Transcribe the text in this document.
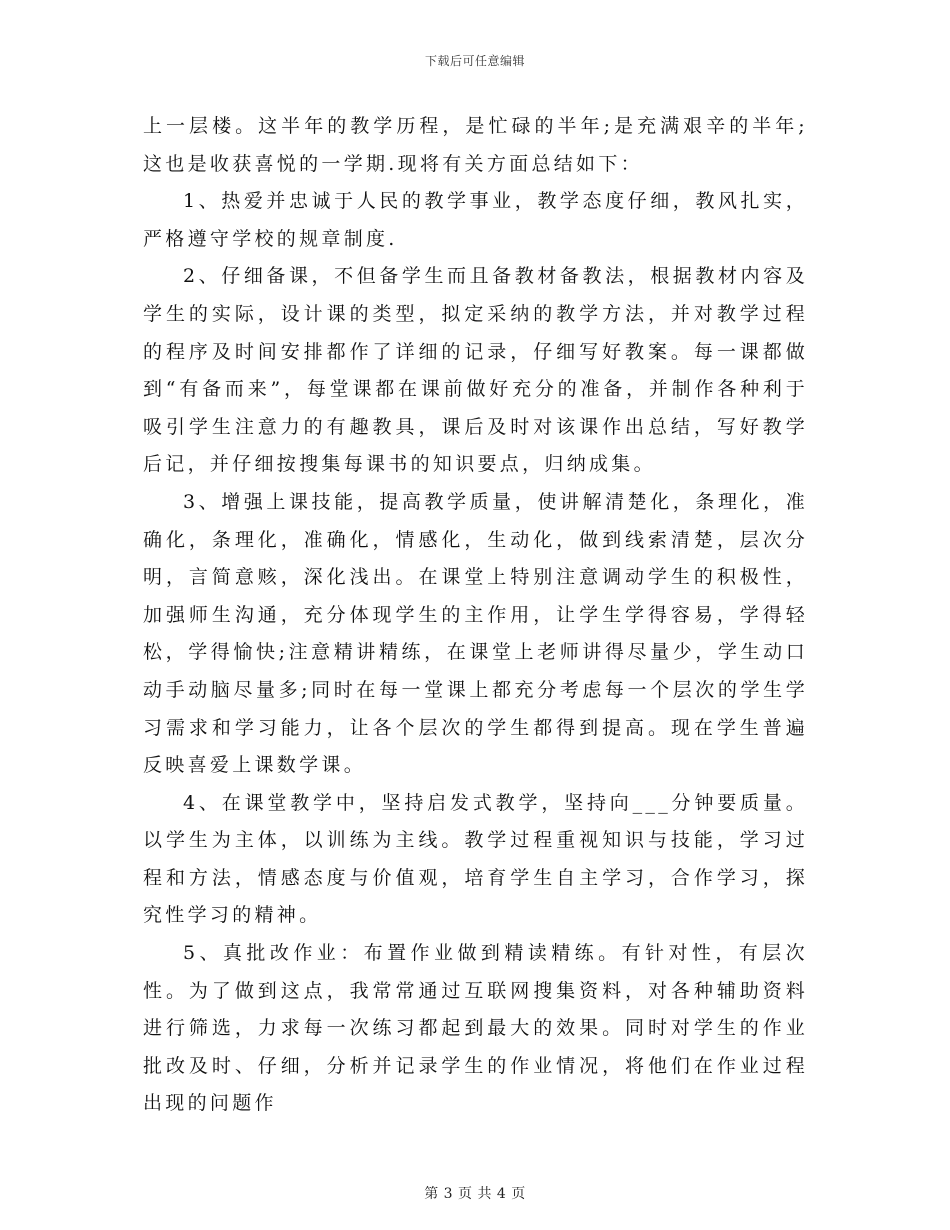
下载后可任意编辑

上一层楼。这半年的教学历程，是忙碌的半年;是充满艰辛的半年;这也是收获喜悦的一学期.现将有关方面总结如下：

1、热爱并忠诚于人民的教学事业，教学态度仔细，教风扎实，严格遵守学校的规章制度.

2、仔细备课，不但备学生而且备教材备教法，根据教材内容及学生的实际，设计课的类型，拟定采纳的教学方法，并对教学过程的程序及时间安排都作了详细的记录，仔细写好教案。每一课都做到“有备而来”，每堂课都在课前做好充分的准备，并制作各种利于吸引学生注意力的有趣教具，课后及时对该课作出总结，写好教学后记，并仔细按搜集每课书的知识要点，归纳成集。

3、增强上课技能，提高教学质量，使讲解清楚化，条理化，准确化，条理化，准确化，情感化，生动化，做到线索清楚，层次分明，言简意赅，深化浅出。在课堂上特别注意调动学生的积极性，加强师生沟通，充分体现学生的主作用，让学生学得容易，学得轻松，学得愉快;注意精讲精练，在课堂上老师讲得尽量少，学生动口动手动脑尽量多;同时在每一堂课上都充分考虑每一个层次的学生学习需求和学习能力，让各个层次的学生都得到提高。现在学生普遍反映喜爱上课数学课。

4、在课堂教学中，坚持启发式教学，坚持向___分钟要质量。以学生为主体，以训练为主线。教学过程重视知识与技能，学习过程和方法，情感态度与价值观，培育学生自主学习，合作学习，探究性学习的精神。

5、真批改作业：布置作业做到精读精练。有针对性，有层次性。为了做到这点，我常常通过互联网搜集资料，对各种辅助资料进行筛选，力求每一次练习都起到最大的效果。同时对学生的作业批改及时、仔细，分析并记录学生的作业情况，将他们在作业过程出现的问题作

第 3 页 共 4 页
